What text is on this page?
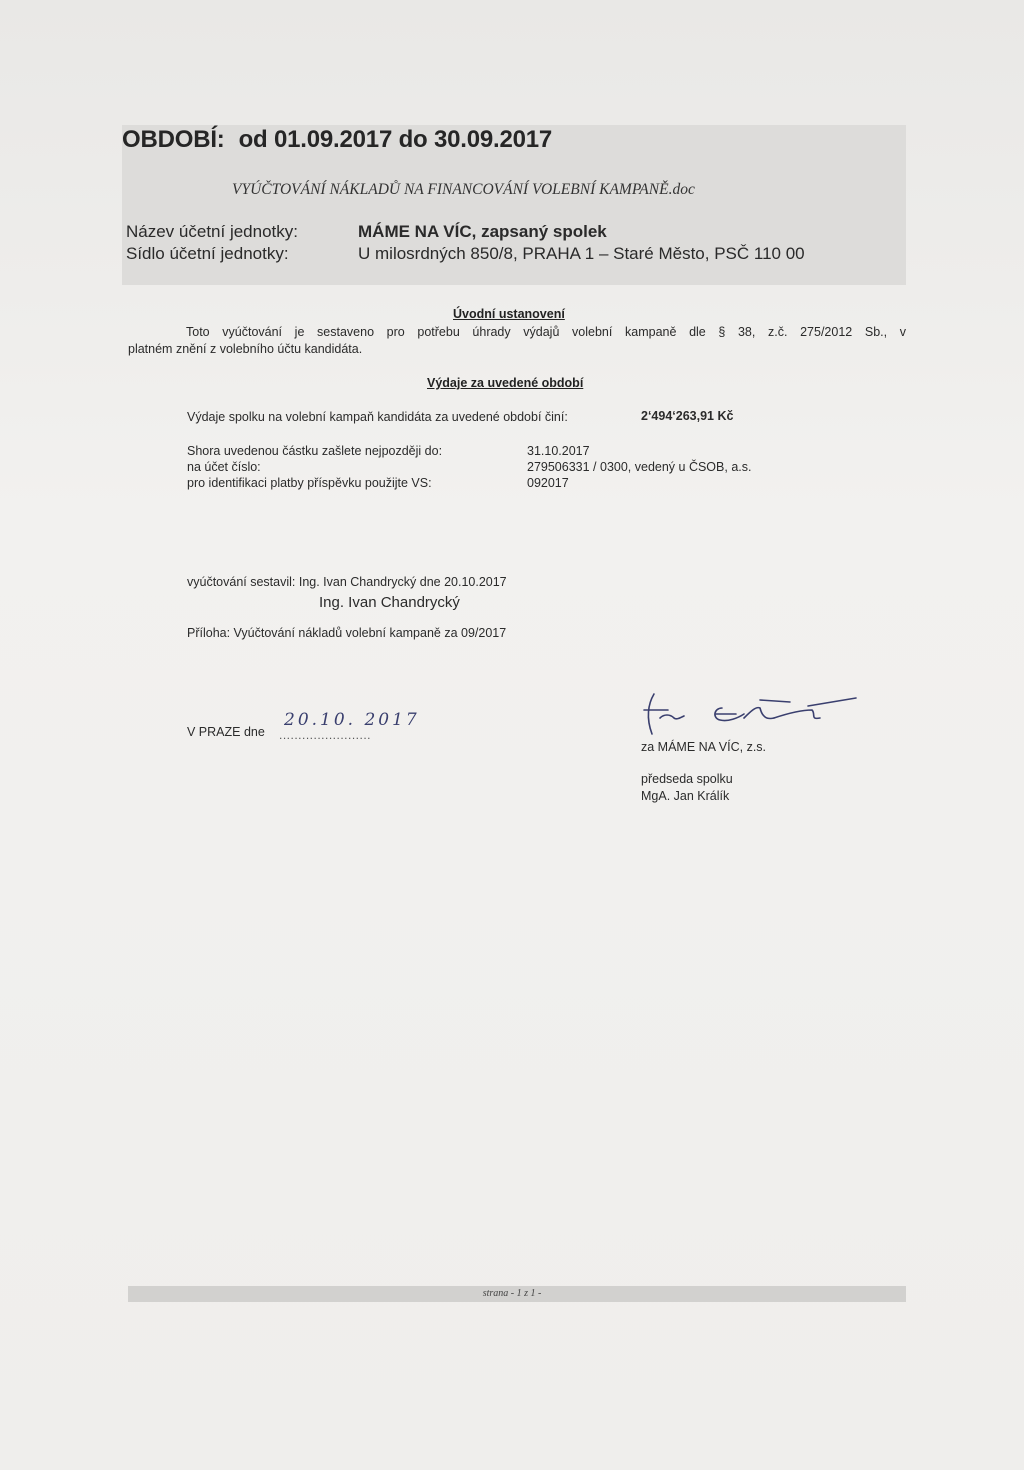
OBDOBÍ: od 01.09.2017 do 30.09.2017
VYÚČTOVÁNÍ NÁKLADŮ NA FINANCOVÁNÍ VOLEBNÍ KAMPANĚ.doc
Název účetní jednotky:	MÁME NA VÍC, zapsaný spolek
Sídlo účetní jednotky:	U milosrdných 850/8, PRAHA 1 – Staré Město, PSČ 110 00
Úvodní ustanovení
Toto vyúčtování je sestaveno pro potřebu úhrady výdajů volební kampaně dle § 38, z.č. 275/2012 Sb., v
platném znění z volebního účtu kandidáta.
Výdaje za uvedené období
Výdaje spolku na volební kampaň kandidáta za uvedené období činí:	2‘494‘263,91 Kč
Shora uvedenou částku zašlete nejpozději do:	31.10.2017
na účet číslo:	279506331 / 0300, vedený u ČSOB, a.s.
pro identifikaci platby příspěvku použijte VS:	092017
vyúčtování sestavil: Ing. Ivan Chandrycký dne 20.10.2017
Ing. Ivan Chandrycký
Příloha: Vyúčtování nákladů volební kampaně za 09/2017
V PRAZE dne ........................
20.10. 2017
za MÁME NA VÍC, z.s.
předseda spolku
MgA. Jan Králík
strana - 1 z 1 -
